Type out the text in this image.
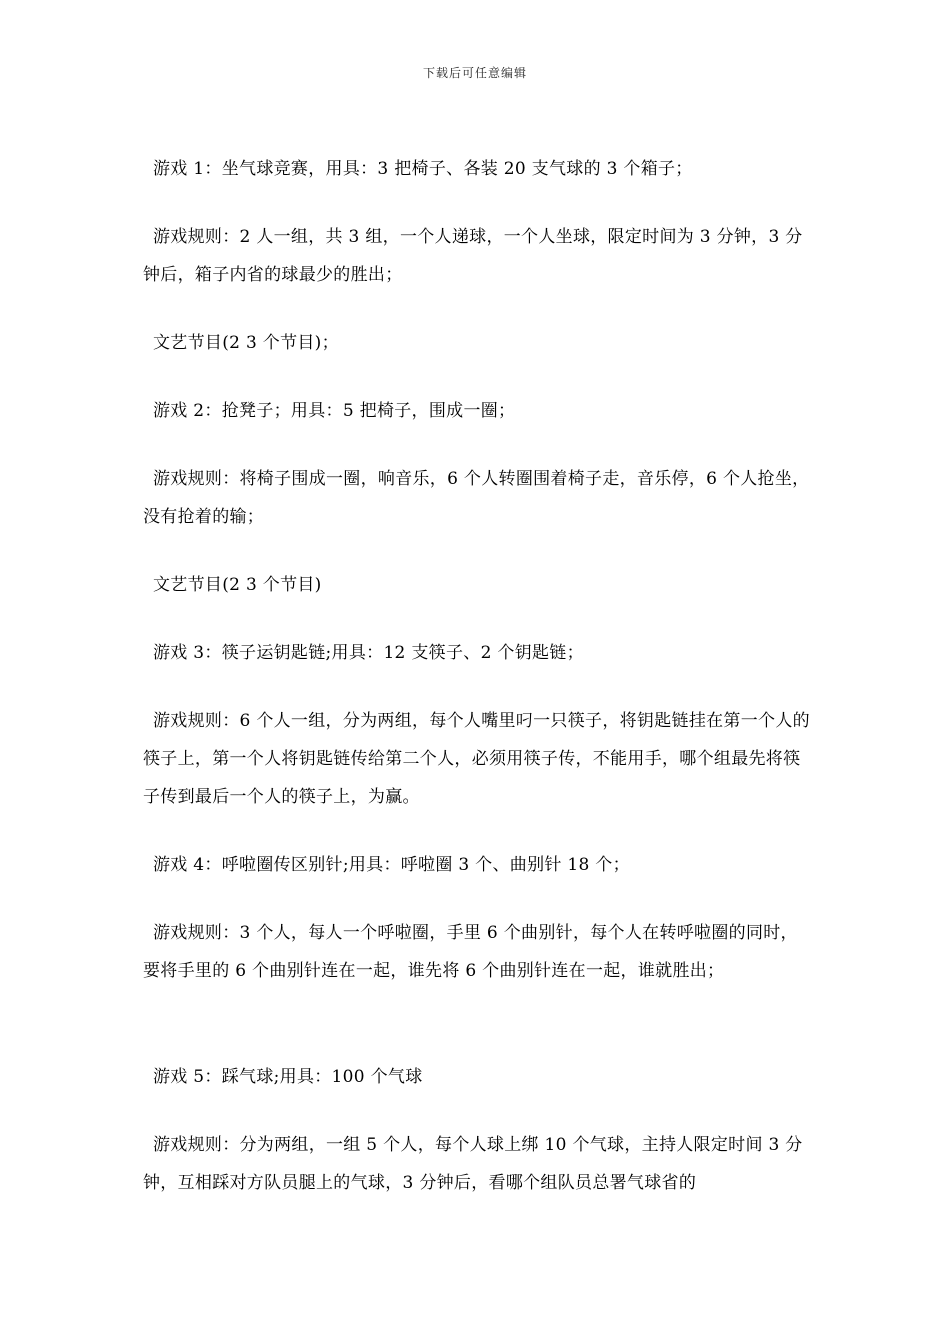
下载后可任意编辑

游戏 1：坐气球竞赛，用具：3 把椅子、各装 20 支气球的 3 个箱子；

游戏规则：2 人一组，共 3 组，一个人递球，一个人坐球，限定时间为 3 分钟，3 分钟后，箱子内省的球最少的胜出；

文艺节目(2 3 个节目)；

游戏 2：抢凳子；用具：5 把椅子，围成一圈；

游戏规则：将椅子围成一圈，响音乐，6 个人转圈围着椅子走，音乐停，6 个人抢坐，没有抢着的输；

文艺节目(2 3 个节目)

游戏 3：筷子运钥匙链;用具：12 支筷子、2 个钥匙链；

游戏规则：6 个人一组，分为两组，每个人嘴里叼一只筷子，将钥匙链挂在第一个人的筷子上，第一个人将钥匙链传给第二个人，必须用筷子传，不能用手，哪个组最先将筷子传到最后一个人的筷子上，为赢。

游戏 4：呼啦圈传区别针;用具：呼啦圈 3 个、曲别针 18 个；

游戏规则：3 个人，每人一个呼啦圈，手里 6 个曲别针，每个人在转呼啦圈的同时，要将手里的 6 个曲别针连在一起，谁先将 6 个曲别针连在一起，谁就胜出；

游戏 5：踩气球;用具：100 个气球

游戏规则：分为两组，一组 5 个人，每个人球上绑 10 个气球，主持人限定时间 3 分钟，互相踩对方队员腿上的气球，3 分钟后，看哪个组队员总署气球省的
